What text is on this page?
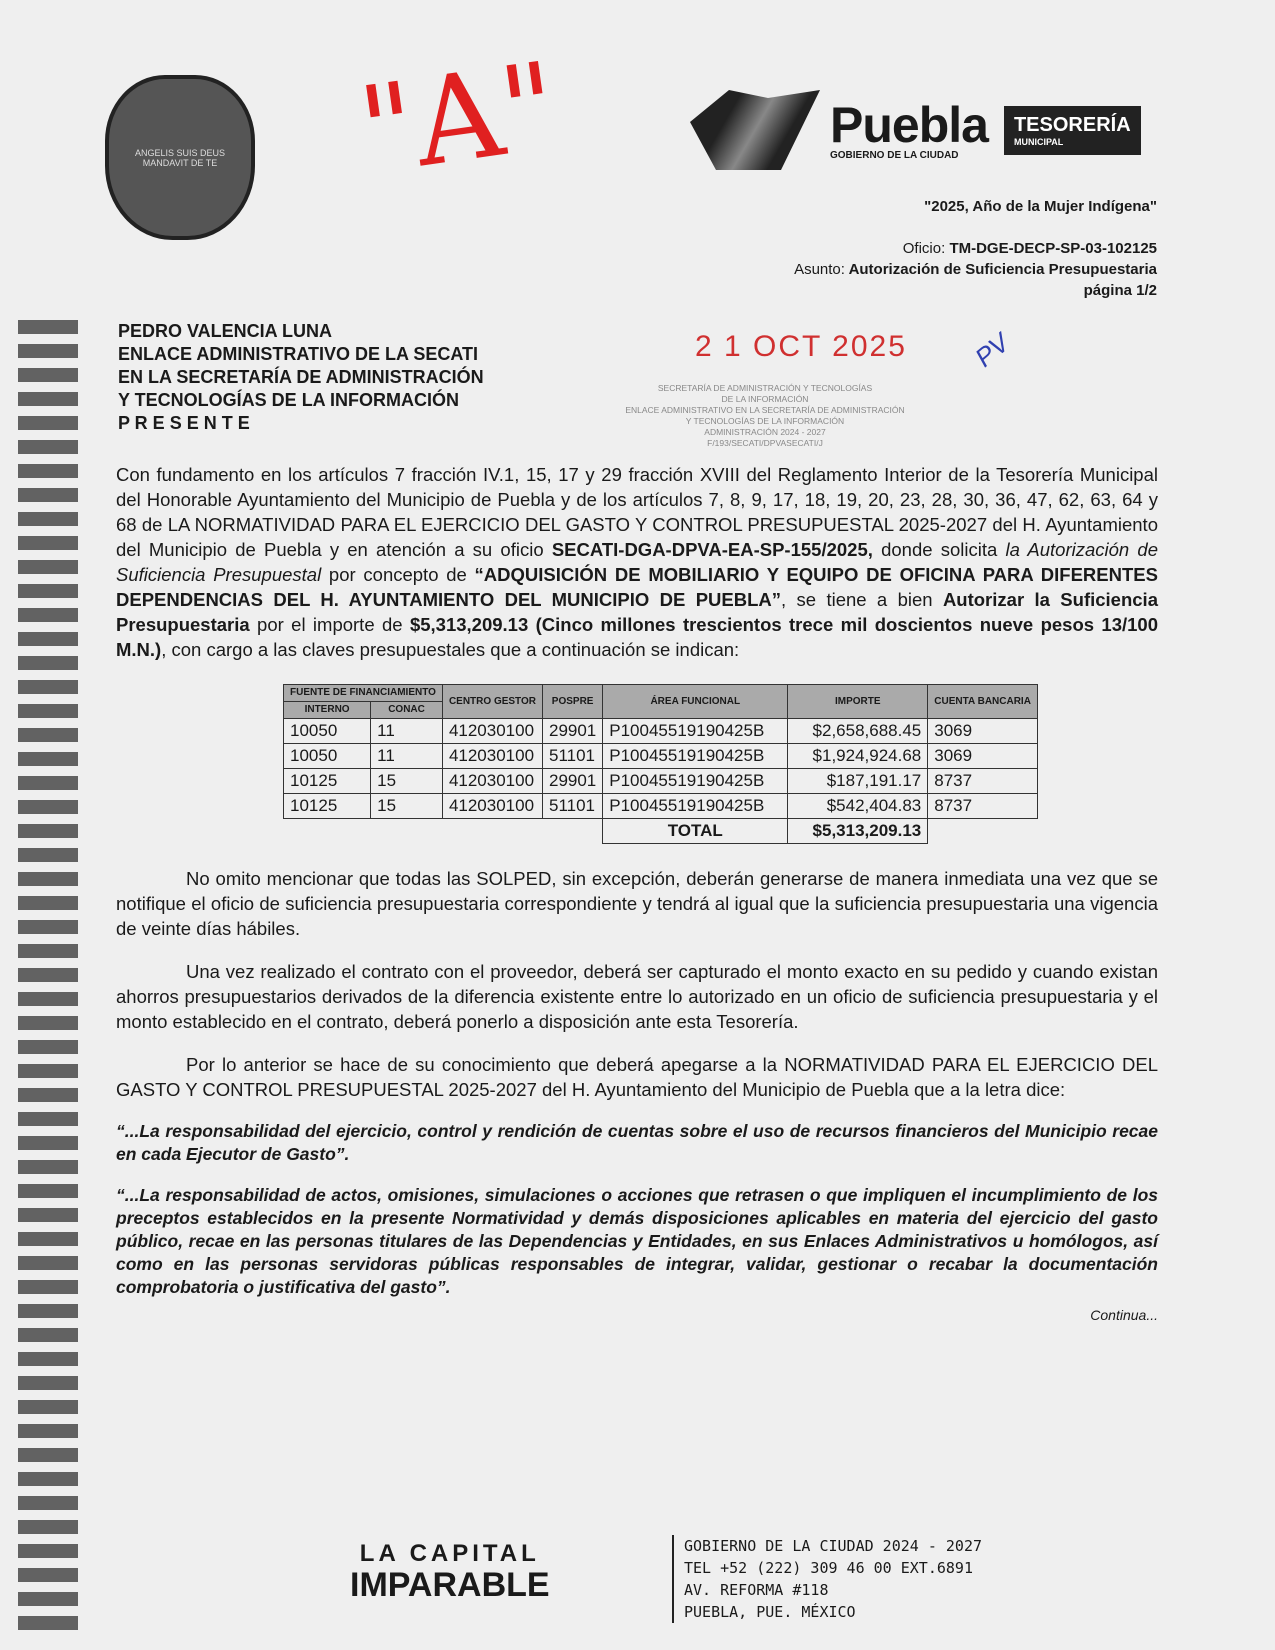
ANGELIS SUIS DEUS MANDAVIT DE TE "A"	Puebla
GOBIERNO DE LA CIUDAD
TESORERÍA
MUNICIPAL
"2025, Año de la Mujer Indígena"
Oficio: TM-DGE-DECP-SP-03-102125
Asunto: Autorización de Suficiencia Presupuestaria
página 1/2
2 1 OCT 2025
SECRETARÍA DE ADMINISTRACIÓN Y TECNOLOGÍAS
DE LA INFORMACIÓN
ENLACE ADMINISTRATIVO EN LA SECRETARÍA DE ADMINISTRACIÓN
Y TECNOLOGÍAS DE LA INFORMACIÓN
ADMINISTRACIÓN 2024 - 2027
F/193/SECATI/DPVASECATI/J
PV
PEDRO VALENCIA LUNA
ENLACE ADMINISTRATIVO DE LA SECATI
EN LA SECRETARÍA DE ADMINISTRACIÓN
Y TECNOLOGÍAS DE LA INFORMACIÓN
P R E S E N T E

Con fundamento en los artículos 7 fracción IV.1, 15, 17 y 29 fracción XVIII del Reglamento Interior de la Tesorería Municipal del Honorable Ayuntamiento del Municipio de Puebla y de los artículos 7, 8, 9, 17, 18, 19, 20, 23, 28, 30, 36, 47, 62, 63, 64 y 68 de LA NORMATIVIDAD PARA EL EJERCICIO DEL GASTO Y CONTROL PRESUPUESTAL 2025-2027 del H. Ayuntamiento del Municipio de Puebla y en atención a su oficio SECATI-DGA-DPVA-EA-SP-155/2025, donde solicita la Autorización de Suficiencia Presupuestal por concepto de “ADQUISICIÓN DE MOBILIARIO Y EQUIPO DE OFICINA PARA DIFERENTES DEPENDENCIAS DEL H. AYUNTAMIENTO DEL MUNICIPIO DE PUEBLA”, se tiene a bien Autorizar la Suficiencia Presupuestaria por el importe de $5,313,209.13 (Cinco millones trescientos trece mil doscientos nueve pesos 13/100 M.N.), con cargo a las claves presupuestales que a continuación se indican:

FUENTE DE FINANCIAMIENTO		CENTRO GESTOR	POSPRE	ÁREA FUNCIONAL	IMPORTE	CUENTA BANCARIA
INTERNO	CONAC					
10050	11	412030100	29901	P10045519190425B	$2,658,688.45	3069
10050	11	412030100	51101	P10045519190425B	$1,924,924.68	3069
10125	15	412030100	29901	P10045519190425B	$187,191.17	8737
10125	15	412030100	51101	P10045519190425B	$542,404.83	8737
				TOTAL	$5,313,209.13	

No omito mencionar que todas las SOLPED, sin excepción, deberán generarse de manera inmediata una vez que se notifique el oficio de suficiencia presupuestaria correspondiente y tendrá al igual que la suficiencia presupuestaria una vigencia de veinte días hábiles.

Una vez realizado el contrato con el proveedor, deberá ser capturado el monto exacto en su pedido y cuando existan ahorros presupuestarios derivados de la diferencia existente entre lo autorizado en un oficio de suficiencia presupuestaria y el monto establecido en el contrato, deberá ponerlo a disposición ante esta Tesorería.

Por lo anterior se hace de su conocimiento que deberá apegarse a la NORMATIVIDAD PARA EL EJERCICIO DEL GASTO Y CONTROL PRESUPUESTAL 2025-2027 del H. Ayuntamiento del Municipio de Puebla que a la letra dice:

“...La responsabilidad del ejercicio, control y rendición de cuentas sobre el uso de recursos financieros del Municipio recae en cada Ejecutor de Gasto”.

“...La responsabilidad de actos, omisiones, simulaciones o acciones que retrasen o que impliquen el incumplimiento de los preceptos establecidos en la presente Normatividad y demás disposiciones aplicables en materia del ejercicio del gasto público, recae en las personas titulares de las Dependencias y Entidades, en sus Enlaces Administrativos u homólogos, así como en las personas servidoras públicas responsables de integrar, validar, gestionar o recabar la documentación comprobatoria o justificativa del gasto”.

Continua...
LA CAPITAL
IMPARABLE
GOBIERNO DE LA CIUDAD 2024 - 2027
TEL +52 (222) 309 46 00 EXT.6891
AV. REFORMA #118
PUEBLA, PUE. MÉXICO
